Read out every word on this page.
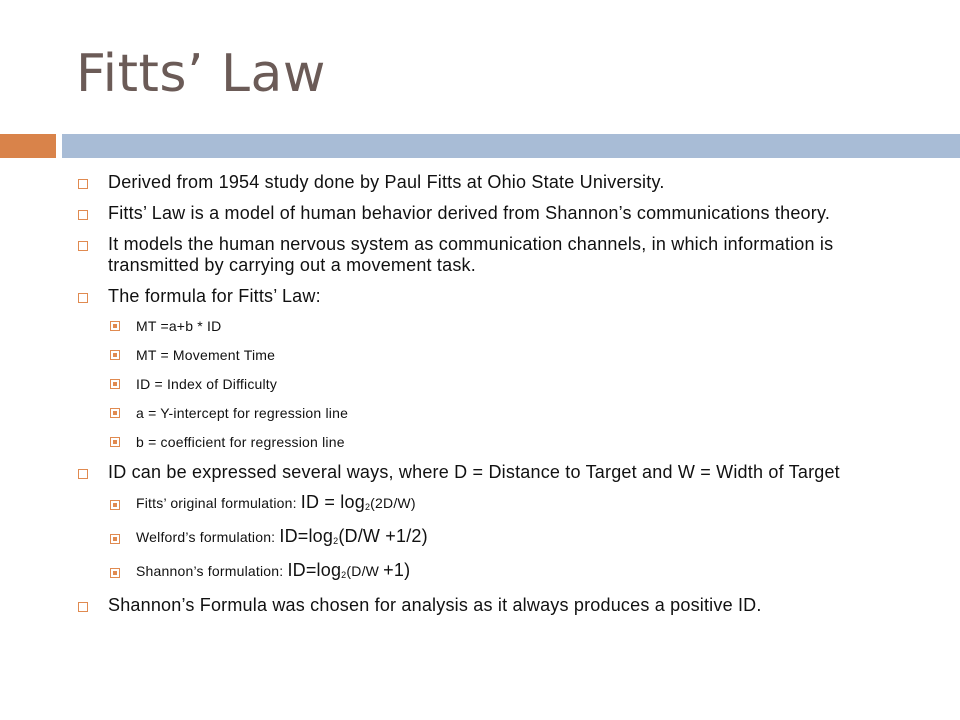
Fitts’ Law
Derived from 1954 study done by Paul Fitts at Ohio State University.
Fitts’ Law is a model of human behavior derived from Shannon’s communications theory.
It models the human nervous system as communication channels, in which information is transmitted by carrying out a movement task.
The formula for Fitts’ Law:
MT =a+b * ID
MT = Movement Time
ID = Index of Difficulty
a = Y-intercept for regression line
b = coefficient for regression line
ID can be expressed several ways, where D = Distance to Target and W = Width of Target
Fitts’ original formulation: ID = log2(2D/W)
Welford’s formulation: ID=log2(D/W +1/2)
Shannon’s formulation: ID=log2(D/W +1)
Shannon’s Formula was chosen for analysis as it always produces a positive ID.
